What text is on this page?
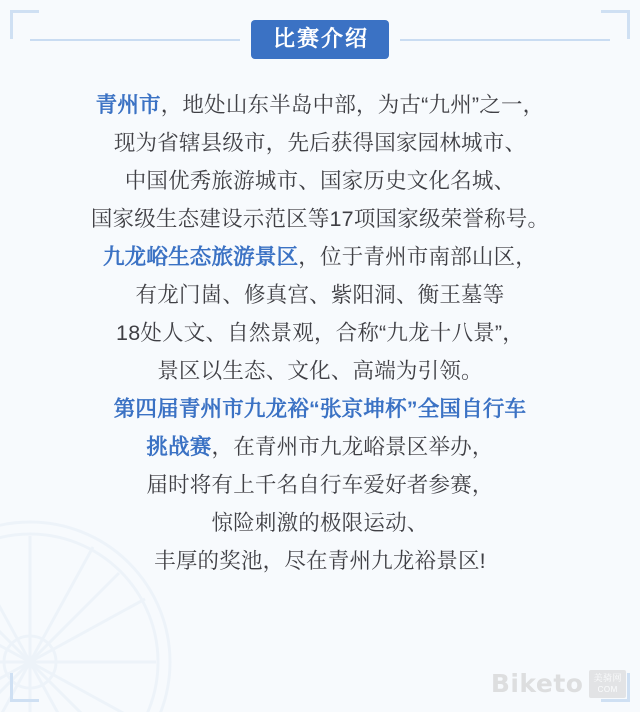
比赛介绍

青州市，地处山东半岛中部，为古“九州”之一，

现为省辖县级市，先后获得国家园林城市、

中国优秀旅游城市、国家历史文化名城、

国家级生态建设示范区等17项国家级荣誉称号。

九龙峪生态旅游景区，位于青州市南部山区，

有龙门崮、修真宫、紫阳洞、衡王墓等

18处人文、自然景观，合称“九龙十八景”，

景区以生态、文化、高端为引领。

第四届青州市九龙裕“张京坤杯”全国自行车

挑战赛，在青州市九龙峪景区举办，

届时将有上千名自行车爱好者参赛，

惊险刺激的极限运动、

丰厚的奖池，尽在青州九龙裕景区!

Biketo	美骑网
COM
